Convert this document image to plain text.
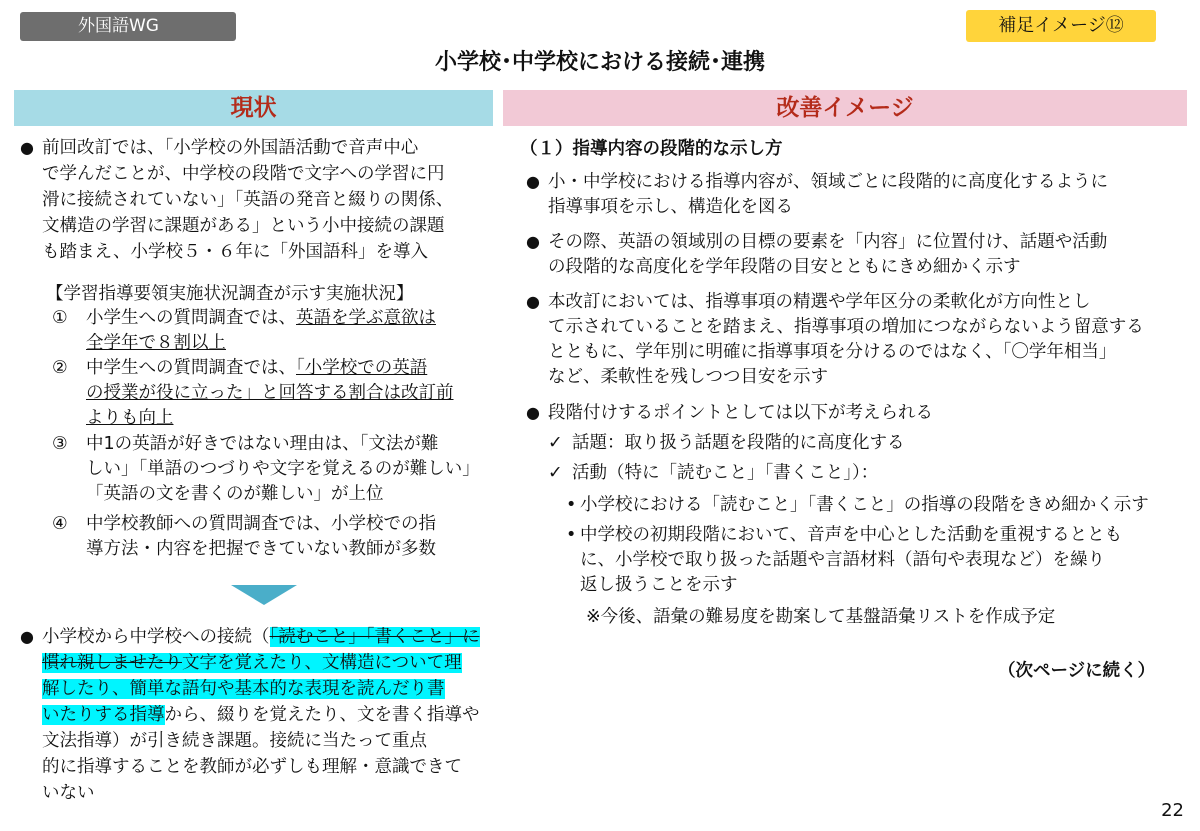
外国語WG	補足イメージ⑫
小学校･中学校における接続･連携
現状	改善イメージ
● 前回改訂では、「小学校の外国語活動で音声中心
で学んだことが、中学校の段階で文字への学習に円
滑に接続されていない」「英語の発音と綴りの関係、
文構造の学習に課題がある」という小中接続の課題
も踏まえ、小学校５・６年に「外国語科」を導入
【学習指導要領実施状況調査が示す実施状況】
① 小学生への質問調査では、英語を学ぶ意欲は
全学年で８割以上
② 中学生への質問調査では、「小学校での英語
の授業が役に立った」と回答する割合は改訂前
よりも向上
③ 中1の英語が好きではない理由は、「文法が難
しい」「単語のつづりや文字を覚えるのが難しい」
「英語の文を書くのが難しい」が上位
④ 中学校教師への質問調査では、小学校での指
導方法・内容を把握できていない教師が多数
● 小学校から中学校への接続（「読むこと」「書くこと」に
慣れ親しませたり文字を覚えたり、文構造について理
解したり、簡単な語句や基本的な表現を読んだり書
いたりする指導から、綴りを覚えたり、文を書く指導や
文法指導）が引き続き課題。接続に当たって重点
的に指導することを教師が必ずしも理解・意識できて
いない
（１）指導内容の段階的な示し方
● 小・中学校における指導内容が、領域ごとに段階的に高度化するように
指導事項を示し、構造化を図る
● その際、英語の領域別の目標の要素を「内容」に位置付け、話題や活動
の段階的な高度化を学年段階の目安とともにきめ細かく示す
● 本改訂においては、指導事項の精選や学年区分の柔軟化が方向性とし
て示されていることを踏まえ、指導事項の増加につながらないよう留意する
とともに、学年別に明確に指導事項を分けるのではなく、「〇学年相当」
など、柔軟性を残しつつ目安を示す
● 段階付けするポイントとしては以下が考えられる
✓ 話題：取り扱う話題を段階的に高度化する
✓ 活動（特に「読むこと」「書くこと」）：
• 小学校における「読むこと」「書くこと」の指導の段階をきめ細かく示す
• 中学校の初期段階において、音声を中心とした活動を重視するととも
に、小学校で取り扱った話題や言語材料（語句や表現など）を繰り
返し扱うことを示す
※今後、語彙の難易度を勘案して基盤語彙リストを作成予定
（次ページに続く）
22
